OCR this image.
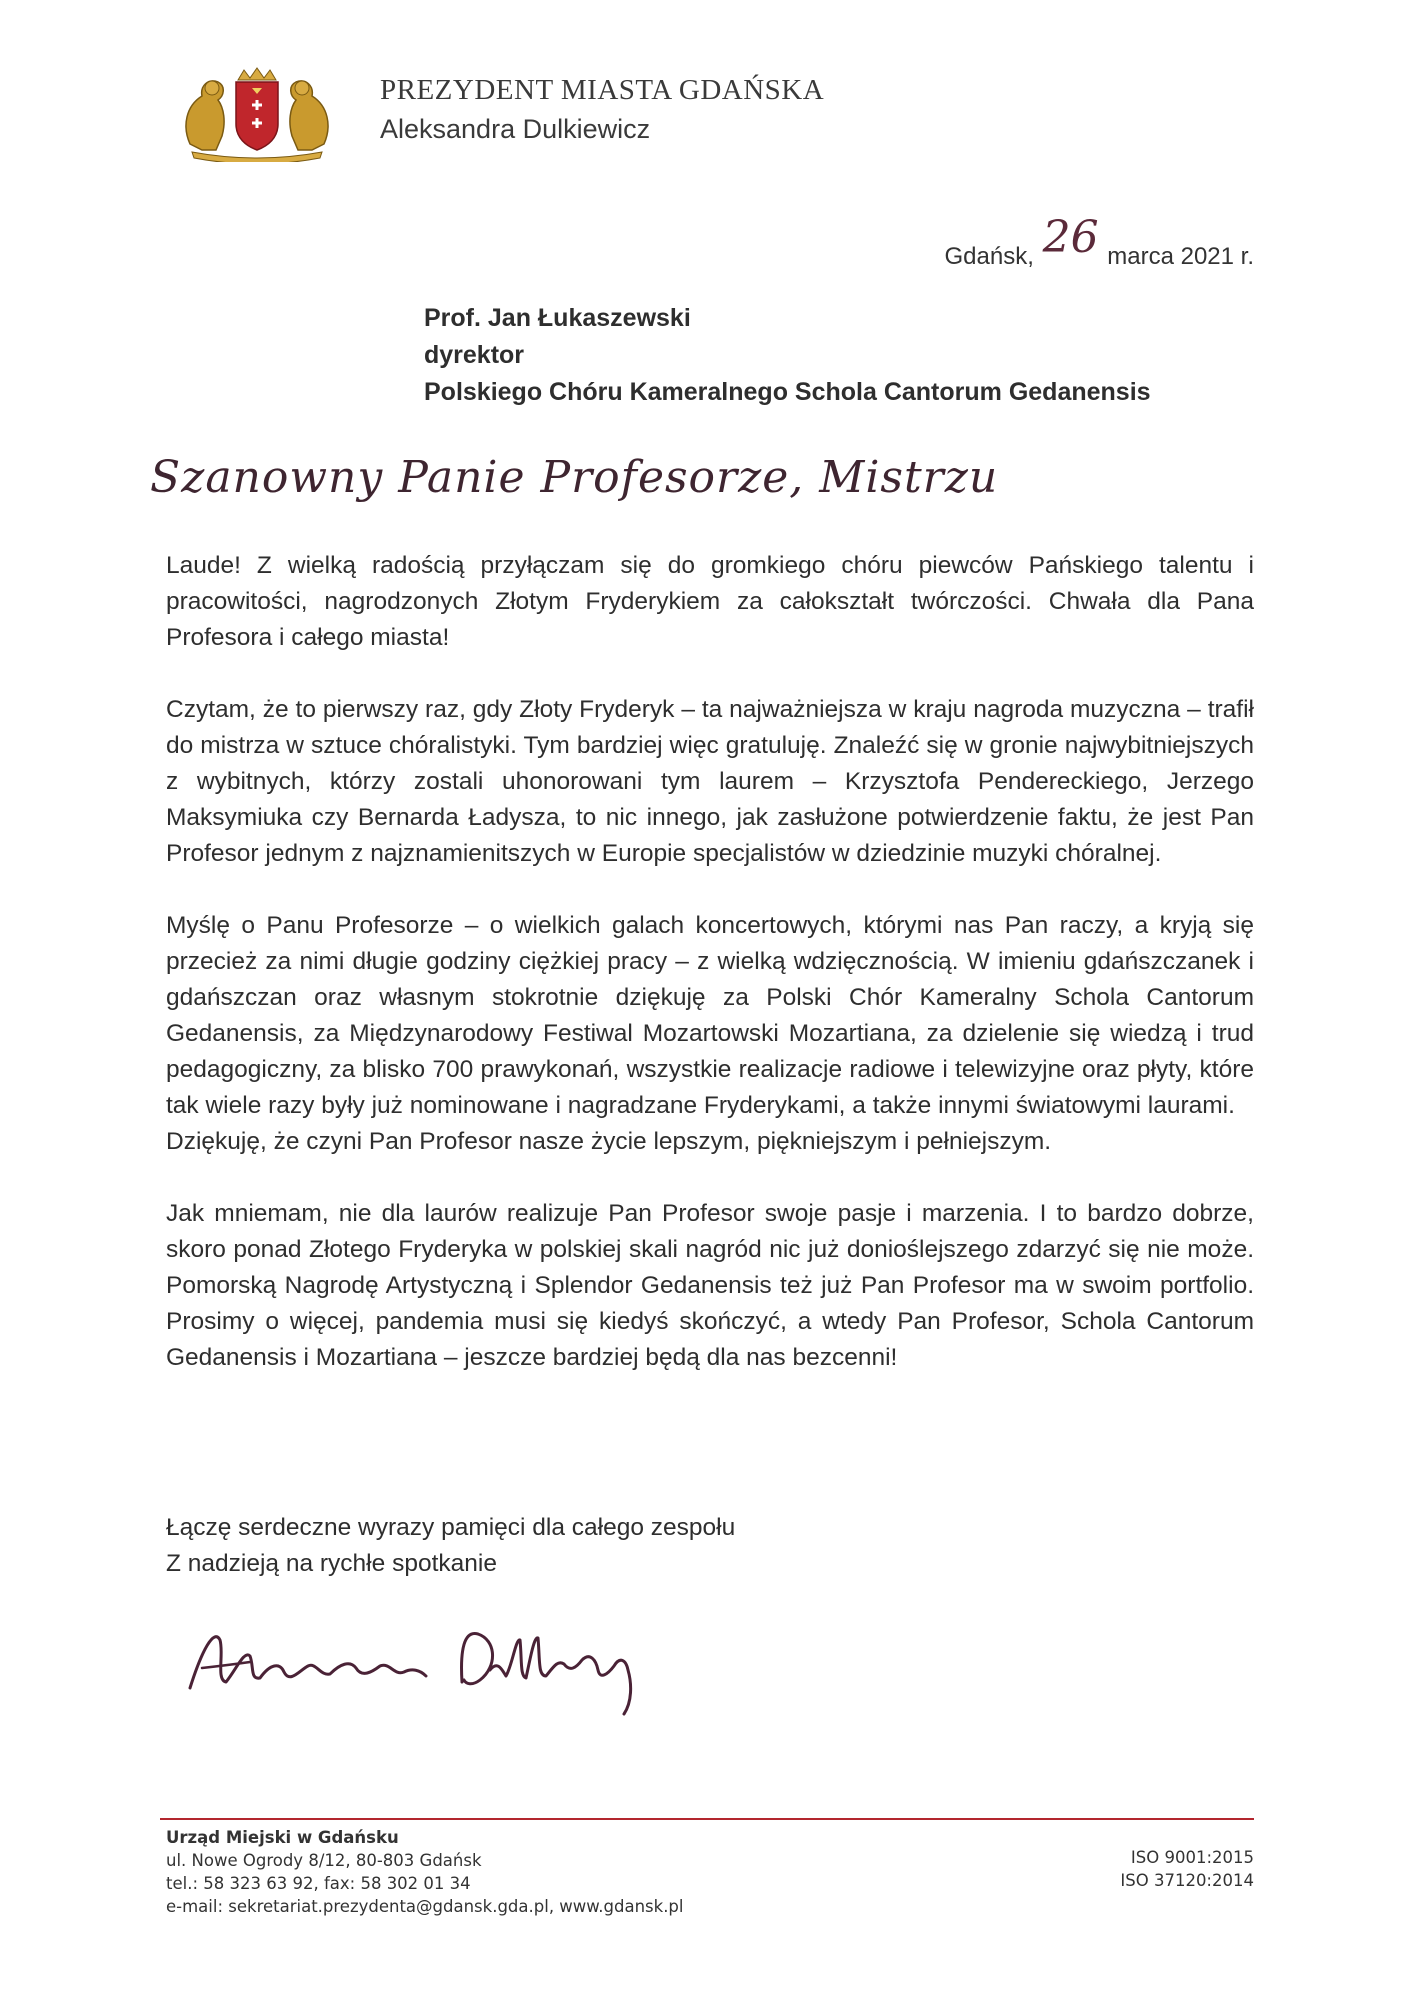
PREZYDENT MIASTA GDAŃSKA
Aleksandra Dulkiewicz
Gdańsk, 26 marca 2021 r.
Prof. Jan Łukaszewski
dyrektor
Polskiego Chóru Kameralnego Schola Cantorum Gedanensis
Szanowny Panie Profesorze, Mistrzu

Laude! Z wielką radością przyłączam się do gromkiego chóru piewców Pańskiego talentu i pracowitości, nagrodzonych Złotym Fryderykiem za całokształt twórczości. Chwała dla Pana Profesora i całego miasta!

Czytam, że to pierwszy raz, gdy Złoty Fryderyk – ta najważniejsza w kraju nagroda muzyczna – trafił do mistrza w sztuce chóralistyki. Tym bardziej więc gratuluję. Znaleźć się w gronie najwybitniejszych z wybitnych, którzy zostali uhonorowani tym laurem – Krzysztofa Pendereckiego, Jerzego Maksymiuka czy Bernarda Ładysza, to nic innego, jak zasłużone potwierdzenie faktu, że jest Pan Profesor jednym z najznamienitszych w Europie specjalistów w dziedzinie muzyki chóralnej.

Myślę o Panu Profesorze – o wielkich galach koncertowych, którymi nas Pan raczy, a kryją się przecież za nimi długie godziny ciężkiej pracy – z wielką wdzięcznością. W imieniu gdańszczanek i gdańszczan oraz własnym stokrotnie dziękuję za Polski Chór Kameralny Schola Cantorum Gedanensis, za Międzynarodowy Festiwal Mozartowski Mozartiana, za dzielenie się wiedzą i trud pedagogiczny, za blisko 700 prawykonań, wszystkie realizacje radiowe i telewizyjne oraz płyty, które tak wiele razy były już nominowane i nagradzane Fryderykami, a także innymi światowymi laurami.

Dziękuję, że czyni Pan Profesor nasze życie lepszym, piękniejszym i pełniejszym.

Jak mniemam, nie dla laurów realizuje Pan Profesor swoje pasje i marzenia. I to bardzo dobrze, skoro ponad Złotego Fryderyka w polskiej skali nagród nic już donioślejszego zdarzyć się nie może. Pomorską Nagrodę Artystyczną i Splendor Gedanensis też już Pan Profesor ma w swoim portfolio. Prosimy o więcej, pandemia musi się kiedyś skończyć, a wtedy Pan Profesor, Schola Cantorum Gedanensis i Mozartiana – jeszcze bardziej będą dla nas bezcenni!

Łączę serdeczne wyrazy pamięci dla całego zespołu
Z nadzieją na rychłe spotkanie
Urząd Miejski w Gdańsku
ul. Nowe Ogrody 8/12, 80-803 Gdańsk
tel.: 58 323 63 92, fax: 58 302 01 34
e-mail: sekretariat.prezydenta@gdansk.gda.pl, www.gdansk.pl
ISO 9001:2015
ISO 37120:2014
